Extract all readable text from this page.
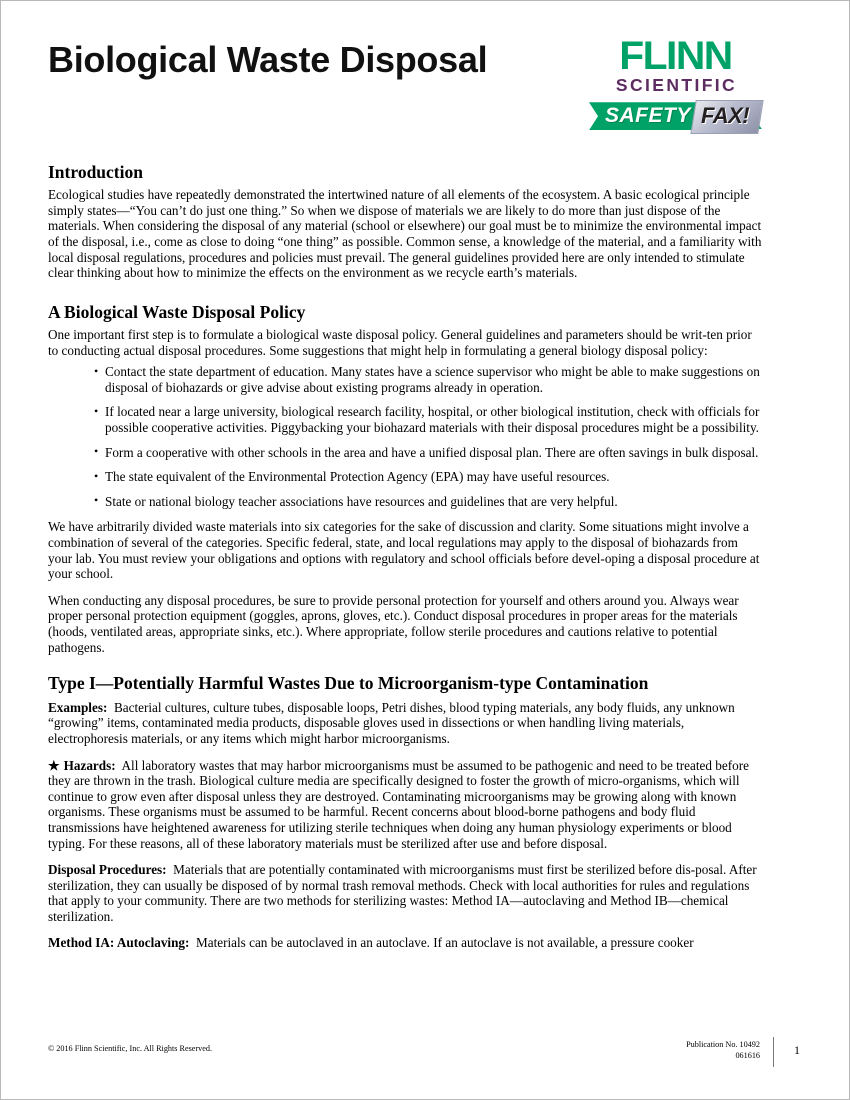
Biological Waste Disposal	FLINN
SCIENTIFIC
SAFETY FAX!
Introduction

Ecological studies have repeatedly demonstrated the intertwined nature of all elements of the ecosystem. A basic ecological principle simply states—“You can’t do just one thing.” So when we dispose of materials we are likely to do more than just dispose of the materials. When considering the disposal of any material (school or elsewhere) our goal must be to minimize the environmental impact of the disposal, i.e., come as close to doing “one thing” as possible. Common sense, a knowledge of the material, and a familiarity with local disposal regulations, procedures and policies must prevail. The general guidelines provided here are only intended to stimulate clear thinking about how to minimize the effects on the environment as we recycle earth’s materials.

A Biological Waste Disposal Policy

One important first step is to formulate a biological waste disposal policy. General guidelines and parameters should be writ-ten prior to conducting actual disposal procedures. Some suggestions that might help in formulating a general biology disposal policy:

• Contact the state department of education. Many states have a science supervisor who might be able to make suggestions on disposal of biohazards or give advise about existing programs already in operation.
• If located near a large university, biological research facility, hospital, or other biological institution, check with officials for possible cooperative activities. Piggybacking your biohazard materials with their disposal procedures might be a possibility.
• Form a cooperative with other schools in the area and have a unified disposal plan. There are often savings in bulk disposal.
• The state equivalent of the Environmental Protection Agency (EPA) may have useful resources.
• State or national biology teacher associations have resources and guidelines that are very helpful.

We have arbitrarily divided waste materials into six categories for the sake of discussion and clarity. Some situations might involve a combination of several of the categories. Specific federal, state, and local regulations may apply to the disposal of biohazards from your lab. You must review your obligations and options with regulatory and school officials before devel-oping a disposal procedure at your school.

When conducting any disposal procedures, be sure to provide personal protection for yourself and others around you. Always wear proper personal protection equipment (goggles, aprons, gloves, etc.). Conduct disposal procedures in proper areas for the materials (hoods, ventilated areas, appropriate sinks, etc.). Where appropriate, follow sterile procedures and cautions relative to potential pathogens.

Type I—Potentially Harmful Wastes Due to Microorganism-type Contamination

Examples: Bacterial cultures, culture tubes, disposable loops, Petri dishes, blood typing materials, any body fluids, any unknown “growing” items, contaminated media products, disposable gloves used in dissections or when handling living materials, electrophoresis materials, or any items which might harbor microorganisms.

★ Hazards: All laboratory wastes that may harbor microorganisms must be assumed to be pathogenic and need to be treated before they are thrown in the trash. Biological culture media are specifically designed to foster the growth of micro-organisms, which will continue to grow even after disposal unless they are destroyed. Contaminating microorganisms may be growing along with known organisms. These organisms must be assumed to be harmful. Recent concerns about blood-borne pathogens and body fluid transmissions have heightened awareness for utilizing sterile techniques when doing any human physiology experiments or blood typing. For these reasons, all of these laboratory materials must be sterilized after use and before disposal.

Disposal Procedures: Materials that are potentially contaminated with microorganisms must first be sterilized before dis-posal. After sterilization, they can usually be disposed of by normal trash removal methods. Check with local authorities for rules and regulations that apply to your community. There are two methods for sterilizing wastes: Method IA—autoclaving and Method IB—chemical sterilization.

Method IA: Autoclaving: Materials can be autoclaved in an autoclave. If an autoclave is not available, a pressure cooker

© 2016 Flinn Scientific, Inc. All Rights Reserved.	Publication No. 10492
061616	1
